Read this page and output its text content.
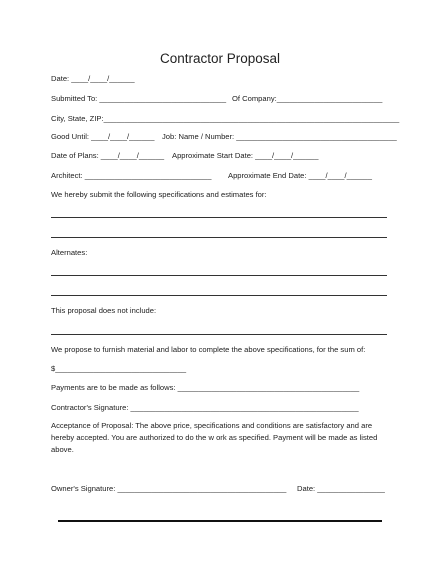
Contractor Proposal
Date: ____/____/______
Submitted To: ______________________________ Of Company:_________________________
City, State, ZIP:______________________________________________________________________
Good Until: ____/____/______ Job: Name / Number: ______________________________________
Date of Plans: ____/____/______ Approximate Start Date: ____/____/______
Architect: ______________________________ Approximate End Date: ____/____/______
We hereby submit the following specifications and estimates for:
Alternates:
This proposal does not include:
We propose to furnish material and labor to complete the above specifications, for the sum of:
$_______________________________
Payments are to be made as follows: ___________________________________________
Contractor's Signature: ______________________________________________________
Acceptance of Proposal: The above price, specifications and conditions are satisfactory and are hereby accepted. You are authorized to do the w ork as specified. Payment will be made as listed above.
Owner's Signature: ________________________________________ Date: ________________
